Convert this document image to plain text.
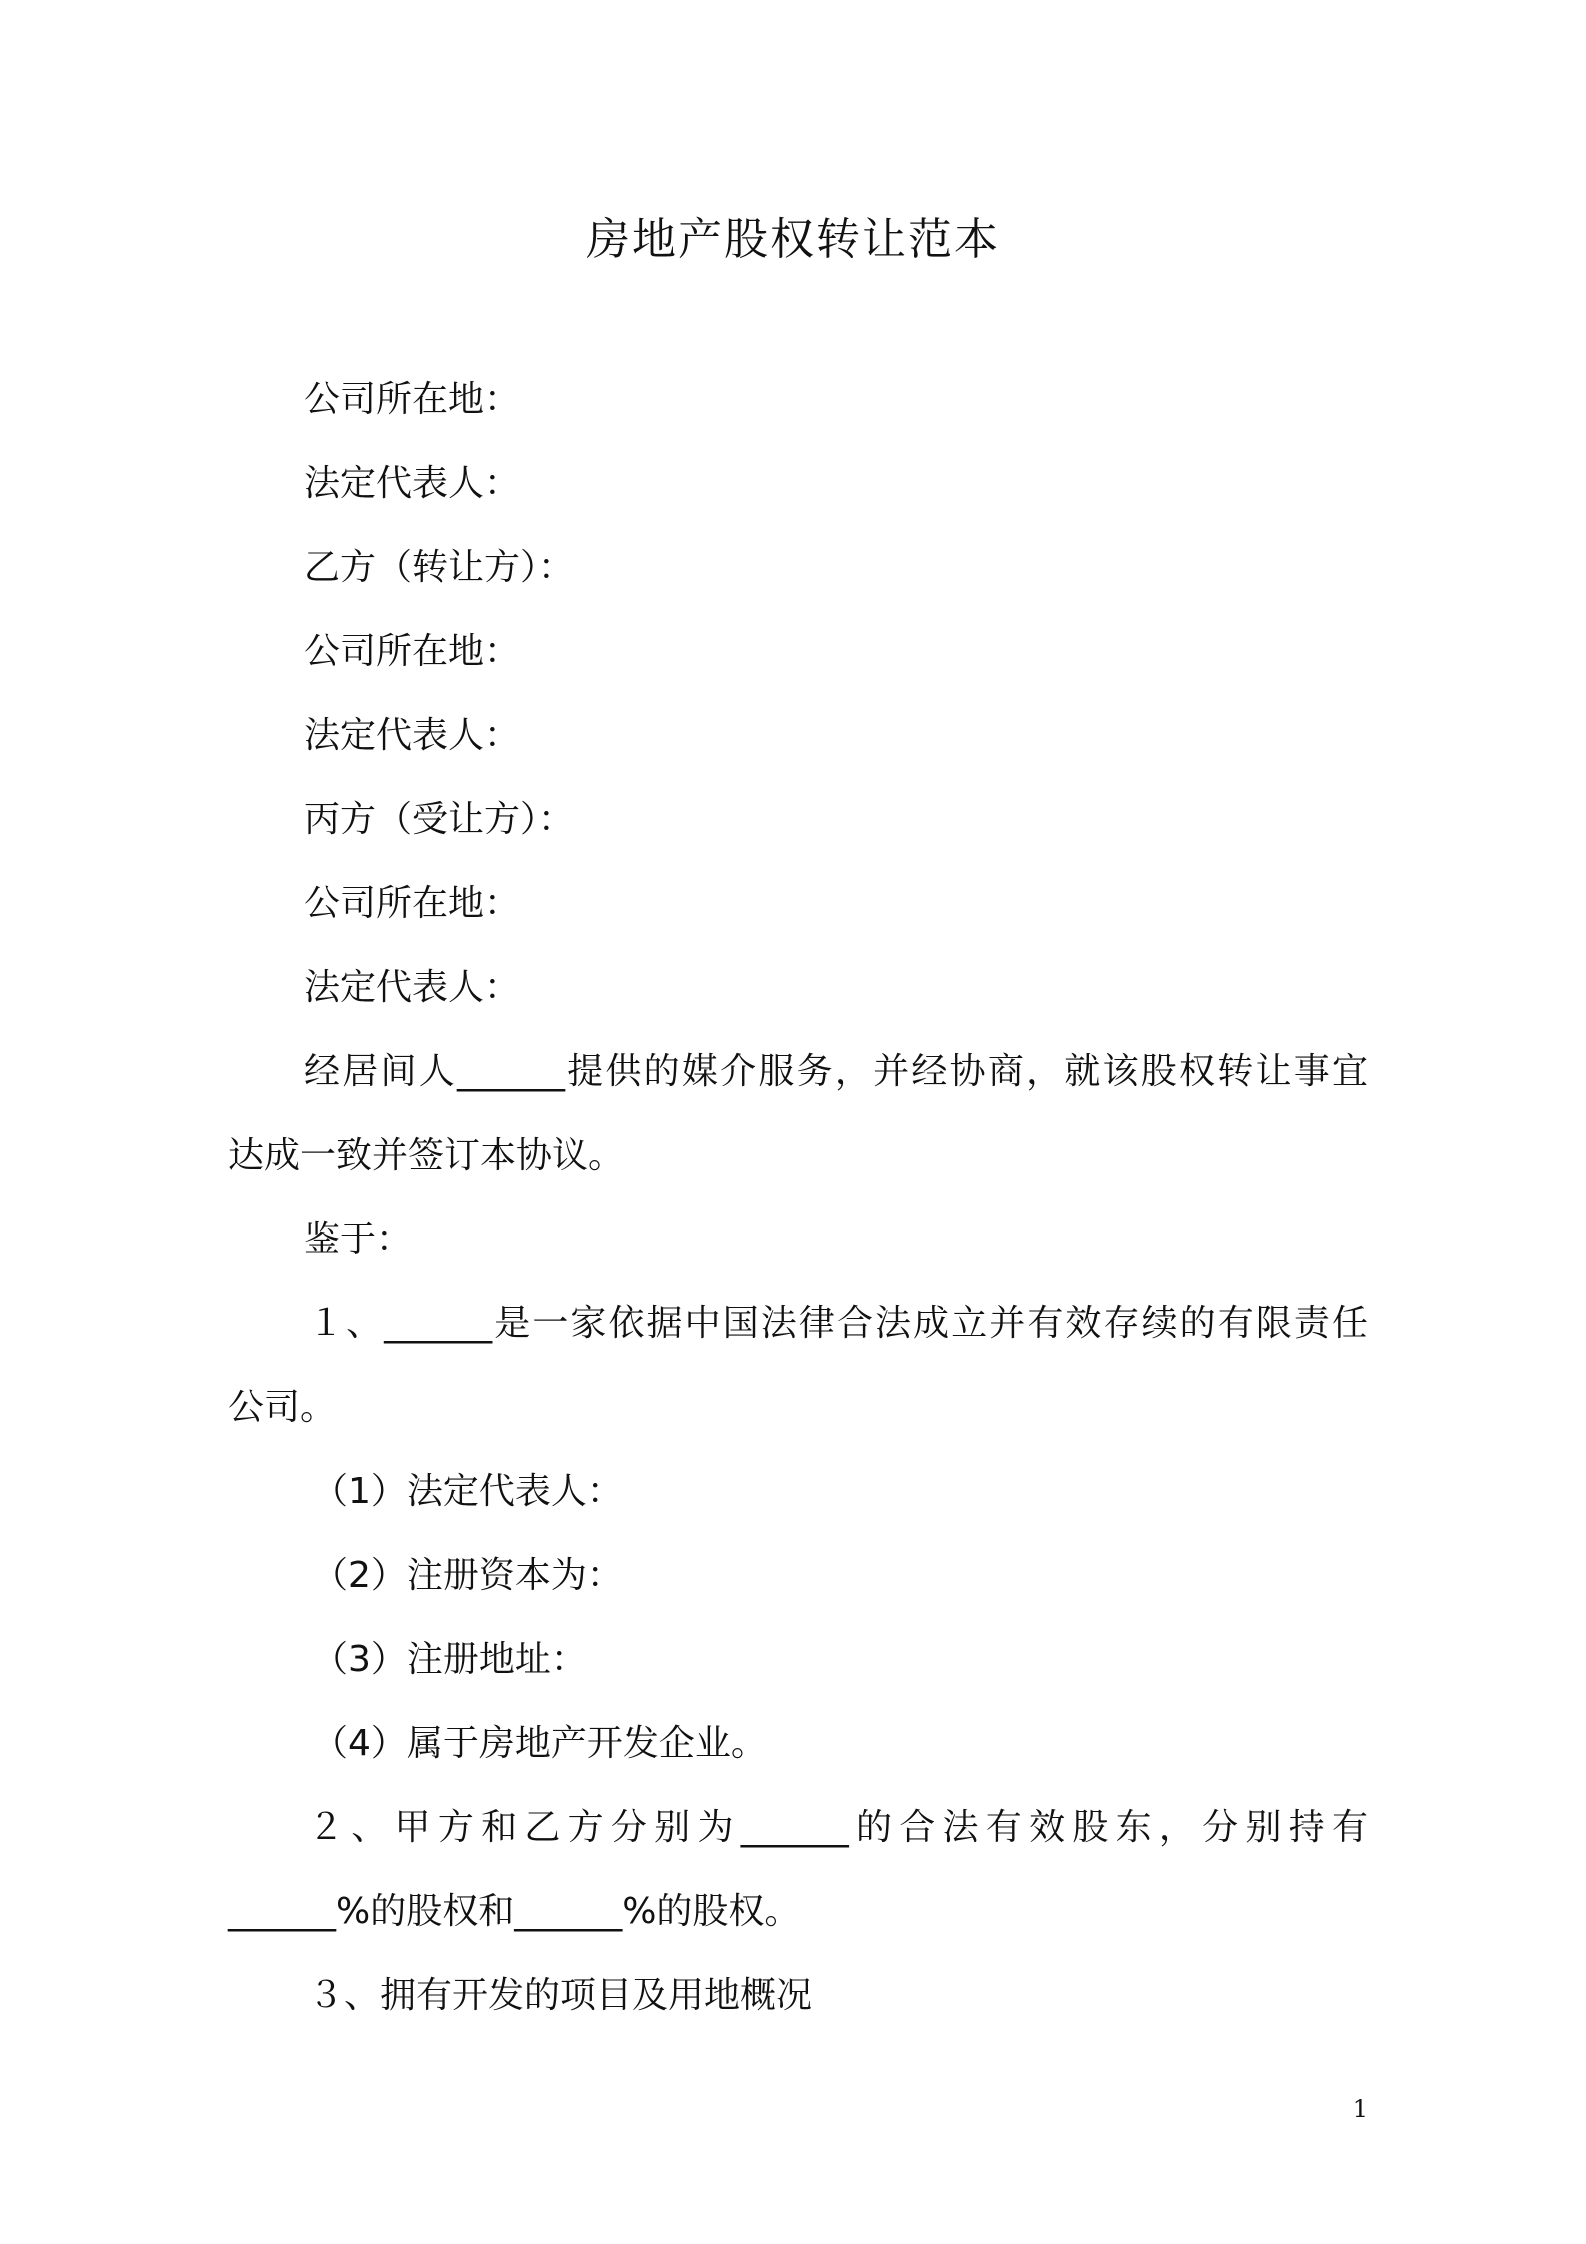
房地产股权转让范本
公司所在地：
法定代表人：
乙方（转让方）：
公司所在地：
法定代表人：
丙方（受让方）：
公司所在地：
法定代表人：
经居间人______提供的媒介服务，并经协商，就该股权转让事宜
达成一致并签订本协议。
鉴于：
１、______是一家依据中国法律合法成立并有效存续的有限责任
公司。
（1）法定代表人：
（2）注册资本为：
（3）注册地址：
（4）属于房地产开发企业。
２、甲方和乙方分别为______的合法有效股东，分别持有
______%的股权和______%的股权。
３、拥有开发的项目及用地概况
1
